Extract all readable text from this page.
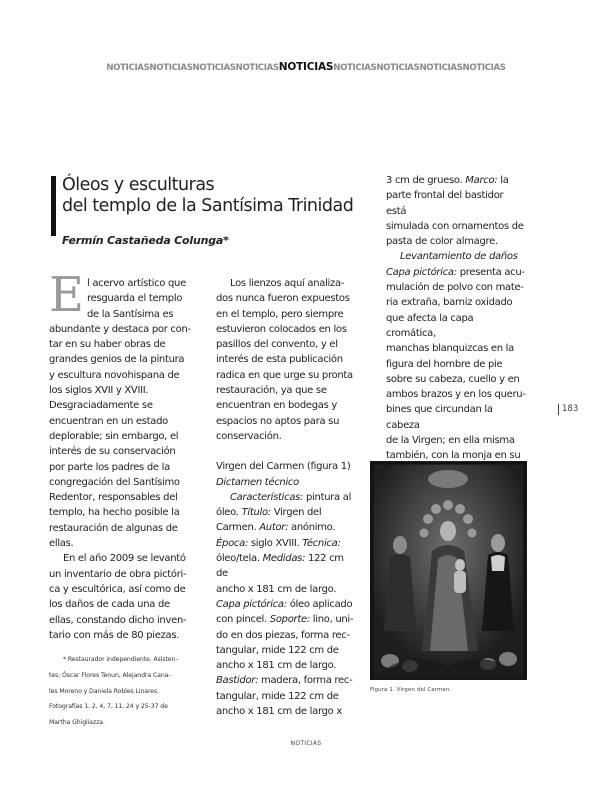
NOTICIASNOTICIASNOTICIASNOTICIASNOTICIASNOTICIASNOTICIASNOTICIASNOTICIAS
Óleos y esculturas
del templo de la Santísima Trinidad
Fermín Castañeda Colunga*
E l acervo artístico que

resguarda el templo

de la Santísima es

abundante y destaca por con-

tar en su haber obras de

grandes genios de la pintura

y escultura novohispana de

los siglos XVII y XVIII.

Desgraciadamente se

encuentran en un estado

deplorable; sin embargo, el

interés de su conservación

por parte los padres de la

congregación del Santísimo

Redentor, responsables del

templo, ha hecho posible la

restauración de algunas de

ellas.

En el año 2009 se levantó

un inventario de obra pictóri-

ca y escultórica, así como de

los daños de cada una de

ellas, constando dicho inven-

tario con más de 80 piezas.

* Restaurador independiente. Asisten-

tes: Óscar Flores Tenun, Alejandra Cana-

les Moreno y Daniela Robles Linares.

Fotografías 1, 2, 4, 7, 11, 24 y 25-37 de

Martha Ghigliazza.

Los lienzos aquí analiza-

dos nunca fueron expuestos

en el templo, pero siempre

estuvieron colocados en los

pasillos del convento, y el

interés de esta publicación

radica en que urge su pronta

restauración, ya que se

encuentran en bodegas y

espacios no aptos para su

conservación.

Virgen del Carmen (figura 1)

Dictamen técnico

Características: pintura al

óleo. Título: Virgen del

Carmen. Autor: anónimo.

Época: siglo XVIII. Técnica:

óleo/tela. Medidas: 122 cm de

ancho x 181 cm de largo.

Capa pictórica: óleo aplicado

con pincel. Soporte: lino, uni-

do en dos piezas, forma rec-

tangular, mide 122 cm de

ancho x 181 cm de largo.

Bastidor: madera, forma rec-

tangular, mide 122 cm de

ancho x 181 cm de largo x

3 cm de grueso. Marco: la

parte frontal del bastidor está

simulada con ornamentos de

pasta de color almagre.

Levantamiento de daños

Capa pictórica: presenta acu-

mulación de polvo con mate-

ria extraña, barniz oxidado

que afecta la capa cromática,

manchas blanquizcas en la

figura del hombre de pie

sobre su cabeza, cuello y en

ambos brazos y en los queru-

bines que circundan la cabeza

de la Virgen; en ella misma

también, con la monja en su

183
Figura 1. Virgen del Carmen.
NOTICIAS
